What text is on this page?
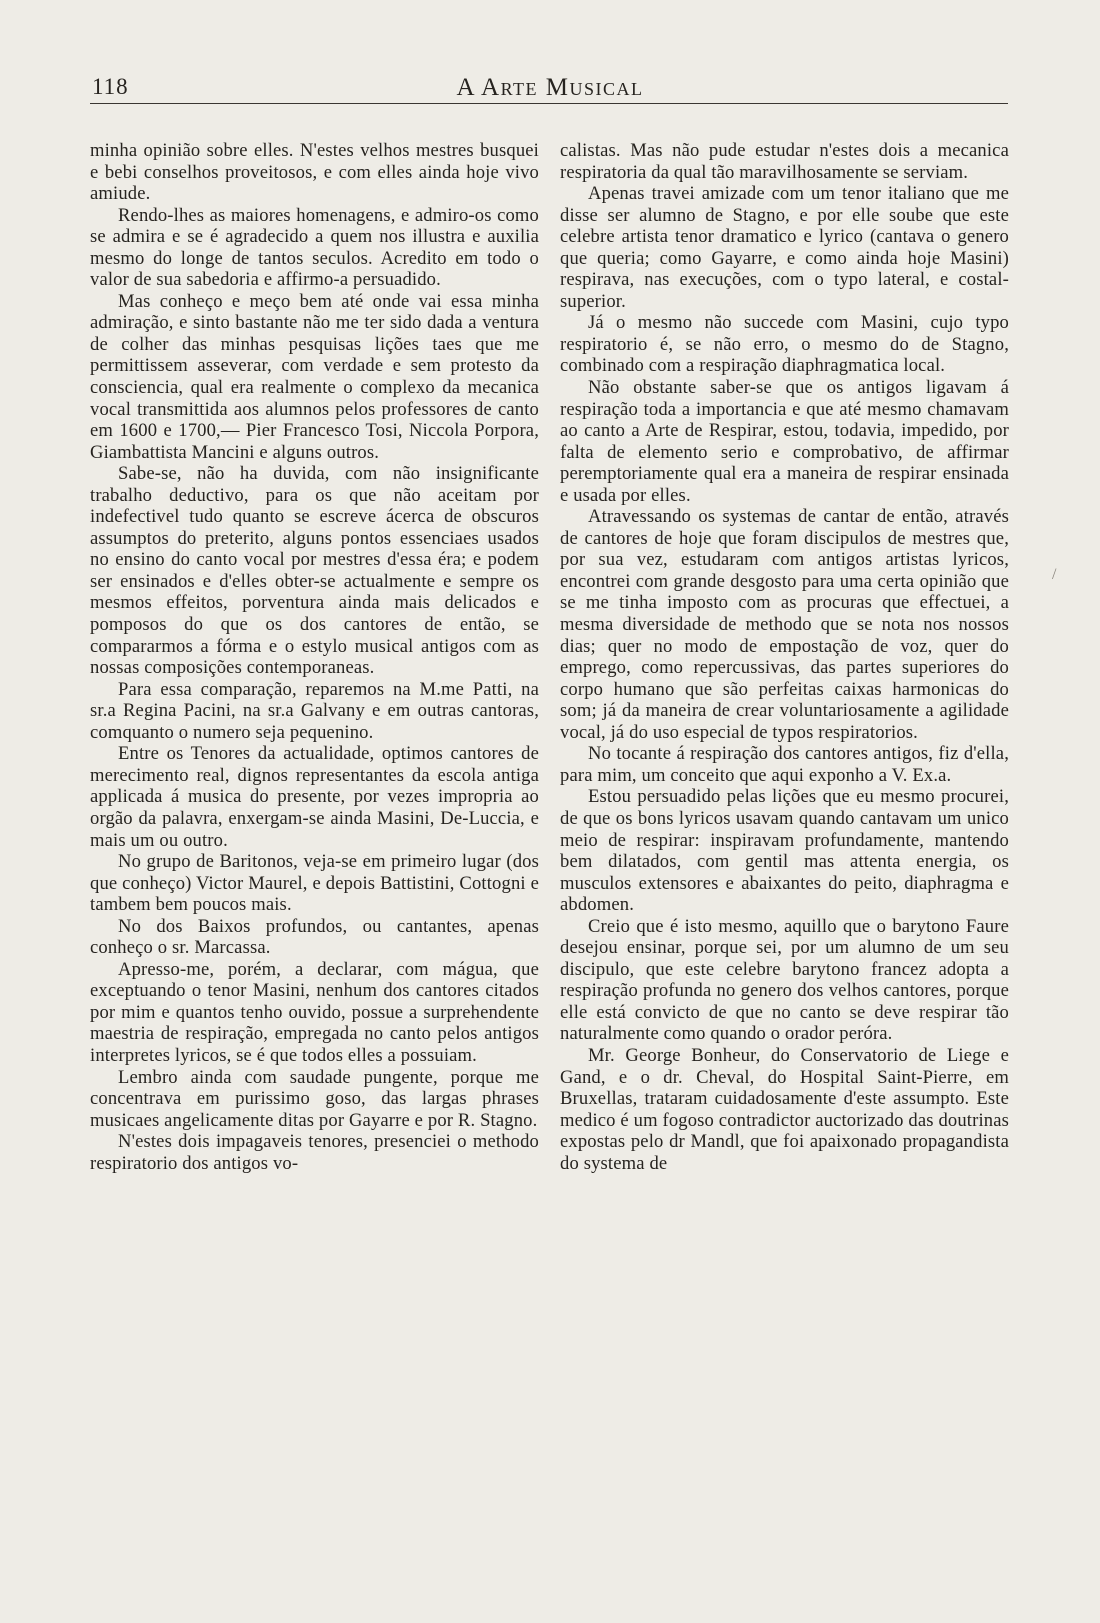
118	A Arte Musical

minha opinião sobre elles. N'estes velhos mestres busquei e bebi conselhos proveitosos, e com elles ainda hoje vivo amiude.

Rendo-lhes as maiores homenagens, e admiro-os como se admira e se é agradecido a quem nos illustra e auxilia mesmo do longe de tantos seculos. Acredito em todo o valor de sua sabedoria e affirmo-a persuadido.

Mas conheço e meço bem até onde vai essa minha admiração, e sinto bastante não me ter sido dada a ventura de colher das minhas pesquisas lições taes que me permittissem asseverar, com verdade e sem protesto da consciencia, qual era realmente o complexo da mecanica vocal transmittida aos alumnos pelos professores de canto em 1600 e 1700,— Pier Francesco Tosi, Niccola Porpora, Giambattista Mancini e alguns outros.

Sabe-se, não ha duvida, com não insignificante trabalho deductivo, para os que não aceitam por indefectivel tudo quanto se escreve ácerca de obscuros assumptos do preterito, alguns pontos essenciaes usados no ensino do canto vocal por mestres d'essa éra; e podem ser ensinados e d'elles obter-se actualmente e sempre os mesmos effeitos, porventura ainda mais delicados e pomposos do que os dos cantores de então, se compararmos a fórma e o estylo musical antigos com as nossas composições contemporaneas.

Para essa comparação, reparemos na M.me Patti, na sr.a Regina Pacini, na sr.a Galvany e em outras cantoras, comquanto o numero seja pequenino.

Entre os Tenores da actualidade, optimos cantores de merecimento real, dignos representantes da escola antiga applicada á musica do presente, por vezes impropria ao orgão da palavra, enxergam-se ainda Masini, De-Luccia, e mais um ou outro.

No grupo de Baritonos, veja-se em primeiro lugar (dos que conheço) Victor Maurel, e depois Battistini, Cottogni e tambem bem poucos mais.

No dos Baixos profundos, ou cantantes, apenas conheço o sr. Marcassa.

Apresso-me, porém, a declarar, com mágua, que exceptuando o tenor Masini, nenhum dos cantores citados por mim e quantos tenho ouvido, possue a surprehendente maestria de respiração, empregada no canto pelos antigos interpretes lyricos, se é que todos elles a possuiam.

Lembro ainda com saudade pungente, porque me concentrava em purissimo goso, das largas phrases musicaes angelicamente ditas por Gayarre e por R. Stagno.

N'estes dois impagaveis tenores, presenciei o methodo respiratorio dos antigos vo-

calistas. Mas não pude estudar n'estes dois a mecanica respiratoria da qual tão maravilhosamente se serviam.

Apenas travei amizade com um tenor italiano que me disse ser alumno de Stagno, e por elle soube que este celebre artista tenor dramatico e lyrico (cantava o genero que queria; como Gayarre, e como ainda hoje Masini) respirava, nas execuções, com o typo lateral, e costal-superior.

Já o mesmo não succede com Masini, cujo typo respiratorio é, se não erro, o mesmo do de Stagno, combinado com a respiração diaphragmatica local.

Não obstante saber-se que os antigos ligavam á respiração toda a importancia e que até mesmo chamavam ao canto a Arte de Respirar, estou, todavia, impedido, por falta de elemento serio e comprobativo, de affirmar peremptoriamente qual era a maneira de respirar ensinada e usada por elles.

Atravessando os systemas de cantar de então, através de cantores de hoje que foram discipulos de mestres que, por sua vez, estudaram com antigos artistas lyricos, encontrei com grande desgosto para uma certa opinião que se me tinha imposto com as procuras que effectuei, a mesma diversidade de methodo que se nota nos nossos dias; quer no modo de empostação de voz, quer do emprego, como repercussivas, das partes superiores do corpo humano que são perfeitas caixas harmonicas do som; já da maneira de crear voluntariosamente a agilidade vocal, já do uso especial de typos respiratorios.

No tocante á respiração dos cantores antigos, fiz d'ella, para mim, um conceito que aqui exponho a V. Ex.a.

Estou persuadido pelas lições que eu mesmo procurei, de que os bons lyricos usavam quando cantavam um unico meio de respirar: inspiravam profundamente, mantendo bem dilatados, com gentil mas attenta energia, os musculos extensores e abaixantes do peito, diaphragma e abdomen.

Creio que é isto mesmo, aquillo que o barytono Faure desejou ensinar, porque sei, por um alumno de um seu discipulo, que este celebre barytono francez adopta a respiração profunda no genero dos velhos cantores, porque elle está convicto de que no canto se deve respirar tão naturalmente como quando o orador peróra.

Mr. George Bonheur, do Conservatorio de Liege e Gand, e o dr. Cheval, do Hospital Saint-Pierre, em Bruxellas, trataram cuidadosamente d'este assumpto. Este medico é um fogoso contradictor auctorizado das doutrinas expostas pelo dr Mandl, que foi apaixonado propagandista do systema de

/
